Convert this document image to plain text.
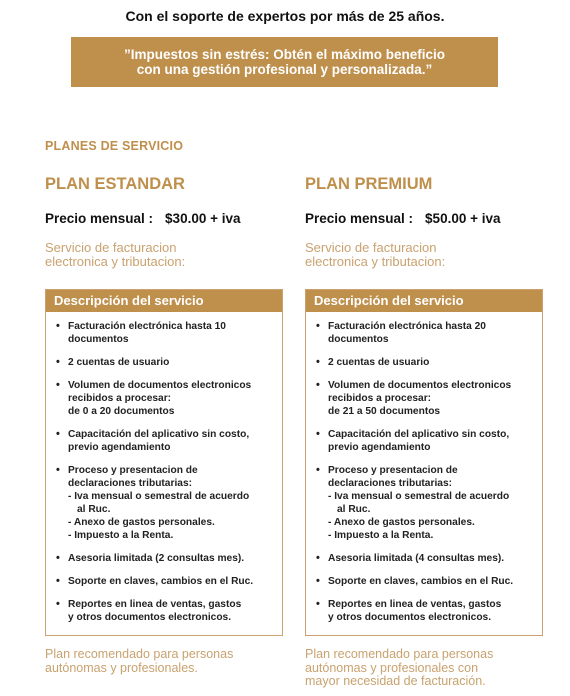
Con el soporte de expertos por más de 25 años.
”Impuestos sin estrés: Obtén el máximo beneficio
con una gestión profesional y personalizada.”
PLANES DE SERVICIO
PLAN ESTANDAR
Precio mensual : $30.00 + iva
Servicio de facturacion
electronica y tributacion:
Descripción del servicio
• Facturación electrónica hasta 10
documentos
• 2 cuentas de usuario
• Volumen de documentos electronicos
recibidos a procesar:
de 0 a 20 documentos
• Capacitación del aplicativo sin costo,
previo agendamiento
• Proceso y presentacion de
declaraciones tributarias:
- Iva mensual o semestral de acuerdo
al Ruc.
- Anexo de gastos personales.
- Impuesto a la Renta.
• Asesoria limitada (2 consultas mes).
• Soporte en claves, cambios en el Ruc.
• Reportes en linea de ventas, gastos
y otros documentos electronicos.
Plan recomendado para personas
autónomas y profesionales.
PLAN PREMIUM
Precio mensual : $50.00 + iva
Servicio de facturacion
electronica y tributacion:
Descripción del servicio
• Facturación electrónica hasta 20
documentos
• 2 cuentas de usuario
• Volumen de documentos electronicos
recibidos a procesar:
de 21 a 50 documentos
• Capacitación del aplicativo sin costo,
previo agendamiento
• Proceso y presentacion de
declaraciones tributarias:
- Iva mensual o semestral de acuerdo
al Ruc.
- Anexo de gastos personales.
- Impuesto a la Renta.
• Asesoria limitada (4 consultas mes).
• Soporte en claves, cambios en el Ruc.
• Reportes en linea de ventas, gastos
y otros documentos electronicos.
Plan recomendado para personas
autónomas y profesionales con
mayor necesidad de facturación.
